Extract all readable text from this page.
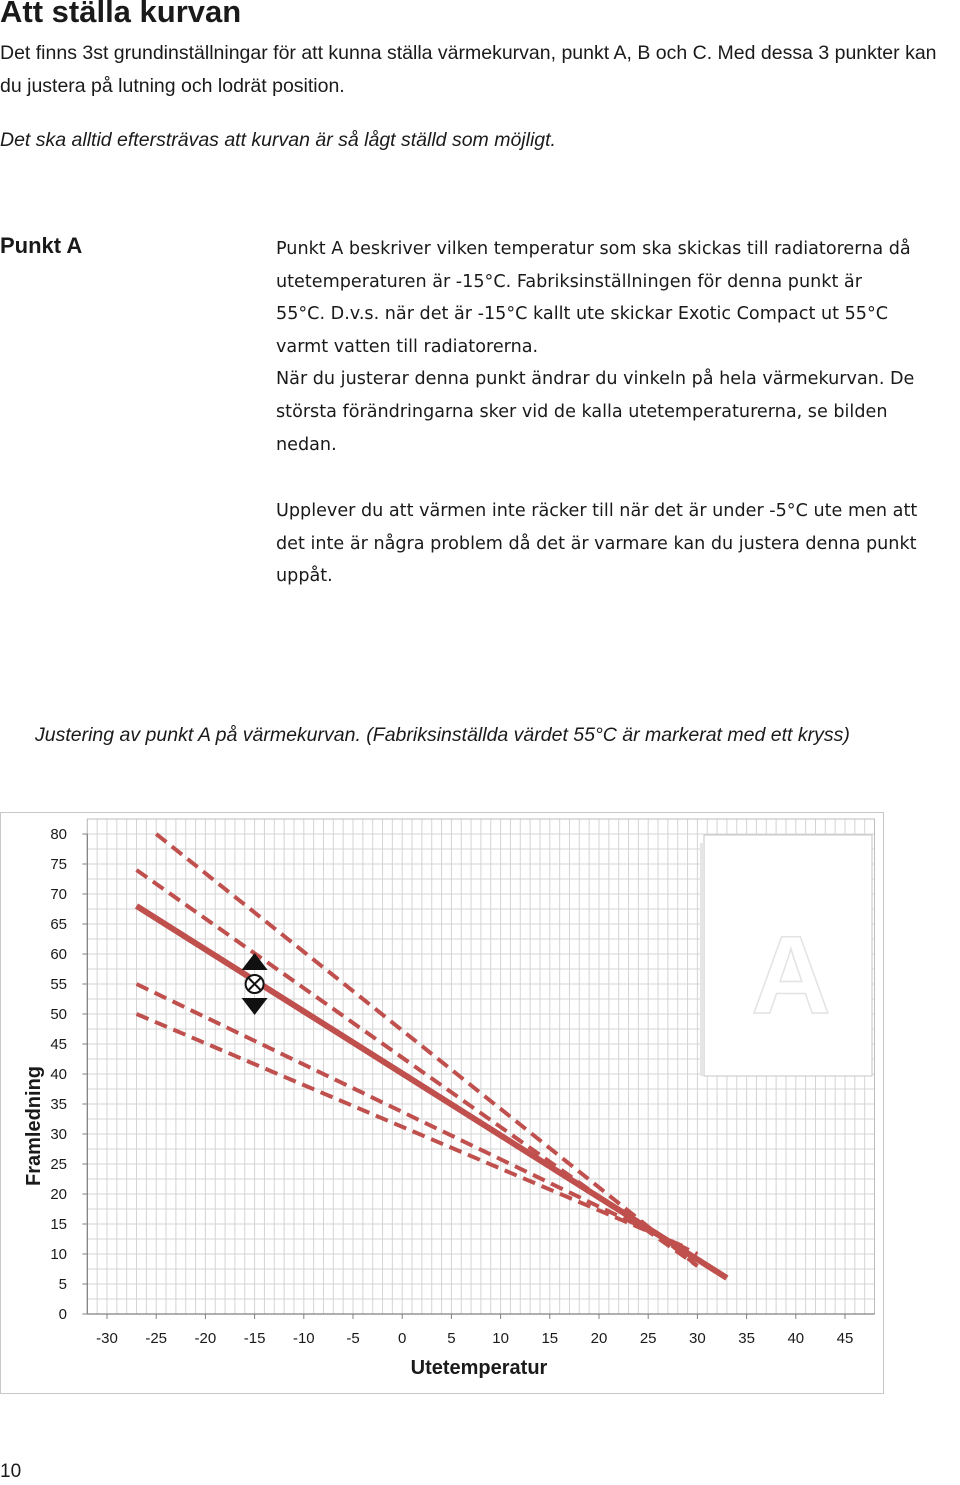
Att ställa kurvan
Det finns 3st grundinställningar för att kunna ställa värmekurvan, punkt A, B och C. Med dessa 3 punkter kan du justera på lutning och lodrät position.
Det ska alltid eftersträvas att kurvan är så lågt ställd som möjligt.
Punkt A	Punkt A beskriver vilken temperatur som ska skickas till radiatorerna då

utetemperaturen är -15°C. Fabriksinställningen för denna punkt är

55°C. D.v.s. när det är -15°C kallt ute skickar Exotic Compact ut 55°C

varmt vatten till radiatorerna.

När du justerar denna punkt ändrar du vinkeln på hela värmekurvan. De

största förändringarna sker vid de kalla utetemperaturerna, se bilden

nedan.

Upplever du att värmen inte räcker till när det är under -5°C ute men att

det inte är några problem då det är varmare kan du justera denna punkt

uppåt.

Justering av punkt A på värmekurvan. (Fabriksinställda värdet 55°C är markerat med ett kryss)
0
5
10
15
20
25
30
35
40
45
50
55
60
65
70
75
80
-30 -25 -20 -15 -10 -5	0	5 10 15 20 25 30 35 40 45
A
Utetemperatur
Framledning
10
